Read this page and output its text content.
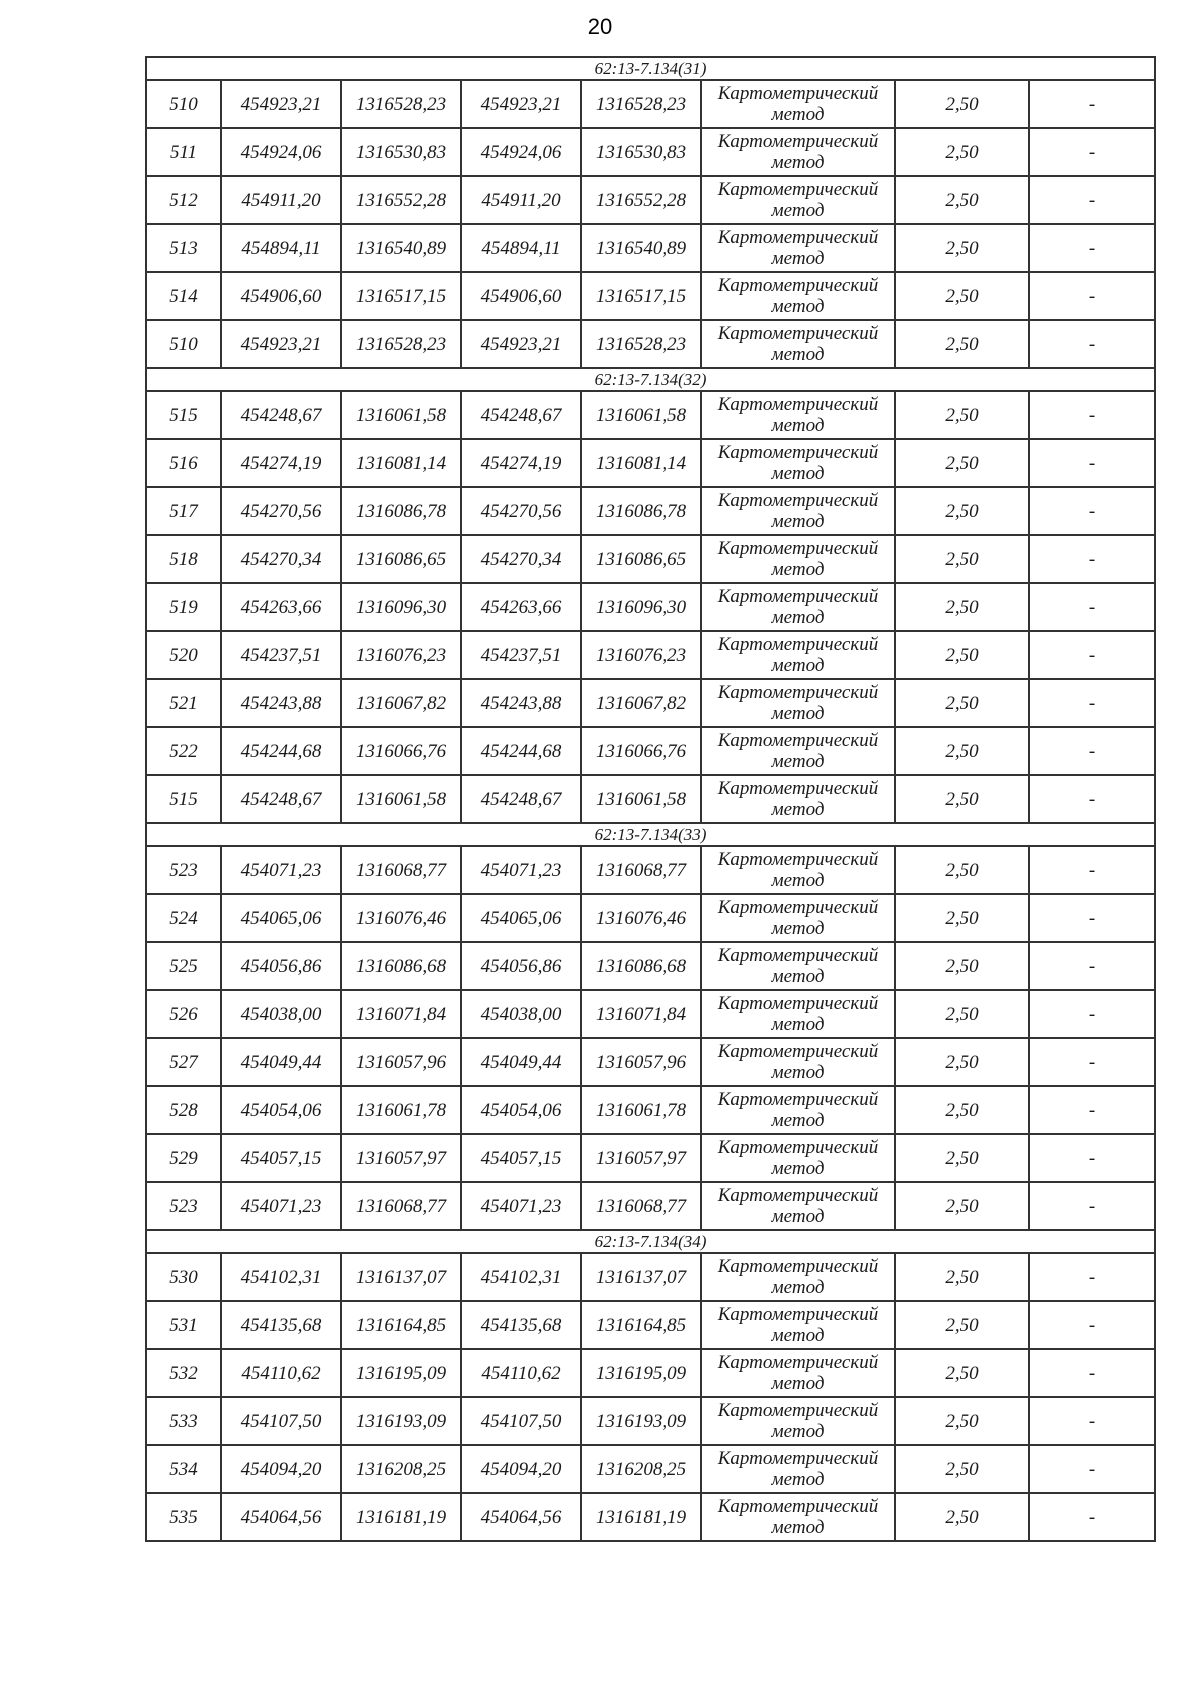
20
62:13-7.134(31)							
510	454923,21	1316528,23	454923,21	1316528,23	Картометрический
метод	2,50	-
511	454924,06	1316530,83	454924,06	1316530,83	Картометрический
метод	2,50	-
512	454911,20	1316552,28	454911,20	1316552,28	Картометрический
метод	2,50	-
513	454894,11	1316540,89	454894,11	1316540,89	Картометрический
метод	2,50	-
514	454906,60	1316517,15	454906,60	1316517,15	Картометрический
метод	2,50	-
510	454923,21	1316528,23	454923,21	1316528,23	Картометрический
метод	2,50	-
62:13-7.134(32)							
515	454248,67	1316061,58	454248,67	1316061,58	Картометрический
метод	2,50	-
516	454274,19	1316081,14	454274,19	1316081,14	Картометрический
метод	2,50	-
517	454270,56	1316086,78	454270,56	1316086,78	Картометрический
метод	2,50	-
518	454270,34	1316086,65	454270,34	1316086,65	Картометрический
метод	2,50	-
519	454263,66	1316096,30	454263,66	1316096,30	Картометрический
метод	2,50	-
520	454237,51	1316076,23	454237,51	1316076,23	Картометрический
метод	2,50	-
521	454243,88	1316067,82	454243,88	1316067,82	Картометрический
метод	2,50	-
522	454244,68	1316066,76	454244,68	1316066,76	Картометрический
метод	2,50	-
515	454248,67	1316061,58	454248,67	1316061,58	Картометрический
метод	2,50	-
62:13-7.134(33)							
523	454071,23	1316068,77	454071,23	1316068,77	Картометрический
метод	2,50	-
524	454065,06	1316076,46	454065,06	1316076,46	Картометрический
метод	2,50	-
525	454056,86	1316086,68	454056,86	1316086,68	Картометрический
метод	2,50	-
526	454038,00	1316071,84	454038,00	1316071,84	Картометрический
метод	2,50	-
527	454049,44	1316057,96	454049,44	1316057,96	Картометрический
метод	2,50	-
528	454054,06	1316061,78	454054,06	1316061,78	Картометрический
метод	2,50	-
529	454057,15	1316057,97	454057,15	1316057,97	Картометрический
метод	2,50	-
523	454071,23	1316068,77	454071,23	1316068,77	Картометрический
метод	2,50	-
62:13-7.134(34)							
530	454102,31	1316137,07	454102,31	1316137,07	Картометрический
метод	2,50	-
531	454135,68	1316164,85	454135,68	1316164,85	Картометрический
метод	2,50	-
532	454110,62	1316195,09	454110,62	1316195,09	Картометрический
метод	2,50	-
533	454107,50	1316193,09	454107,50	1316193,09	Картометрический
метод	2,50	-
534	454094,20	1316208,25	454094,20	1316208,25	Картометрический
метод	2,50	-
535	454064,56	1316181,19	454064,56	1316181,19	Картометрический
метод	2,50	-
